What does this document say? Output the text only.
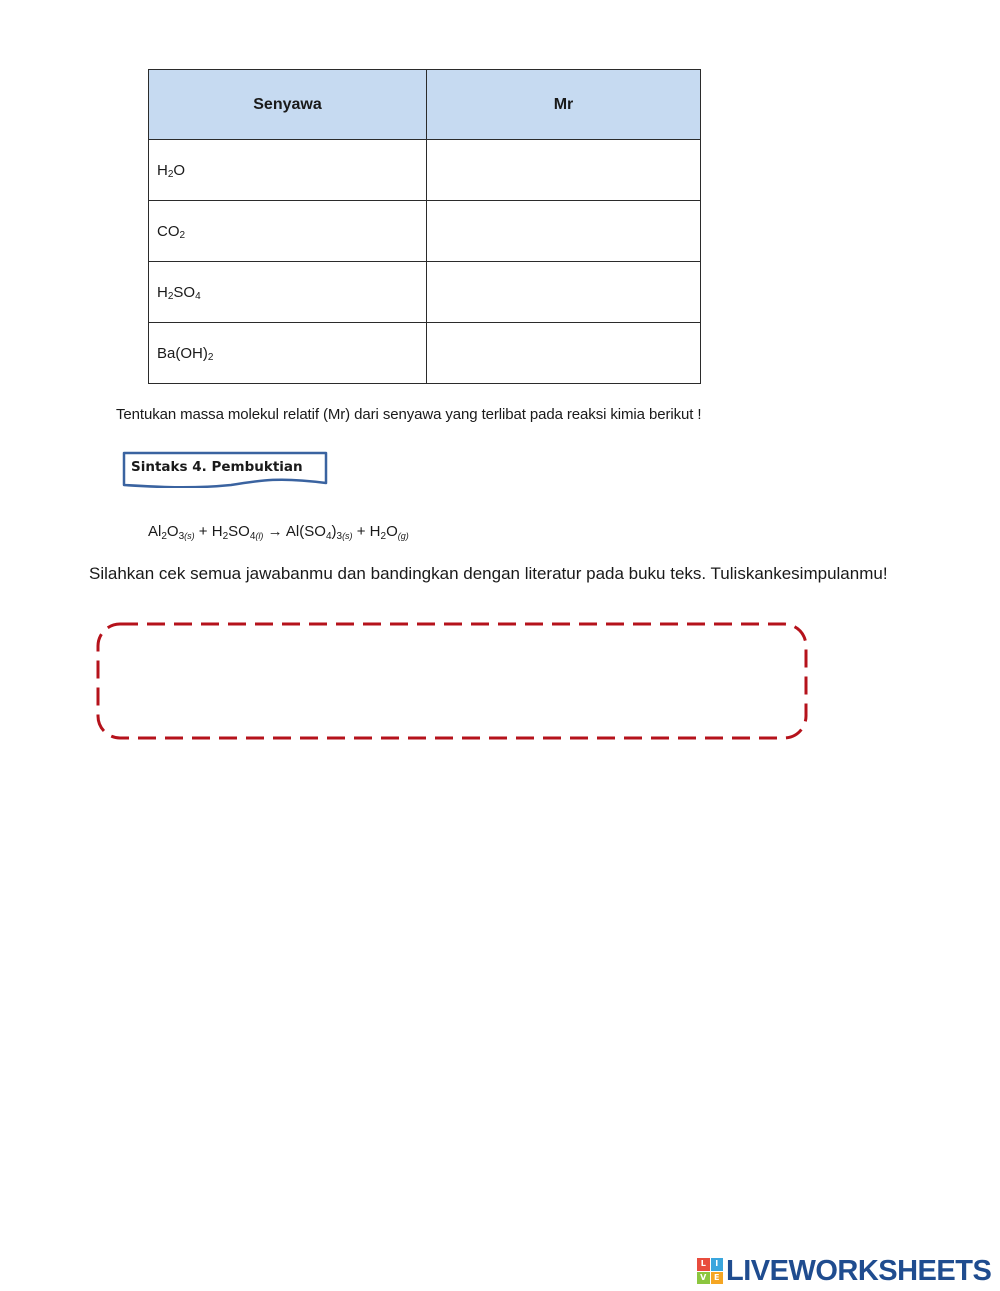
Senyawa	Mr
$H_2O$	
$CO_2$	
$H_2SO_4$	
$Ba(OH)_2$	
Tentukan massa molekul relatif (Mr) dari senyawa yang terlibat pada reaksi kimia berikut !
Sintaks 4. Pembuktian
$Al_2O_{3(s)} + H_2SO_{4(l)} \to Al(SO_4)_{3(s)} + H_2O_{(g)}$
Silahkan cek semua jawabanmu dan bandingkan dengan literatur pada buku teks. Tuliskankesimpulanmu!
L	I
V E LIVEWORKSHEETS
